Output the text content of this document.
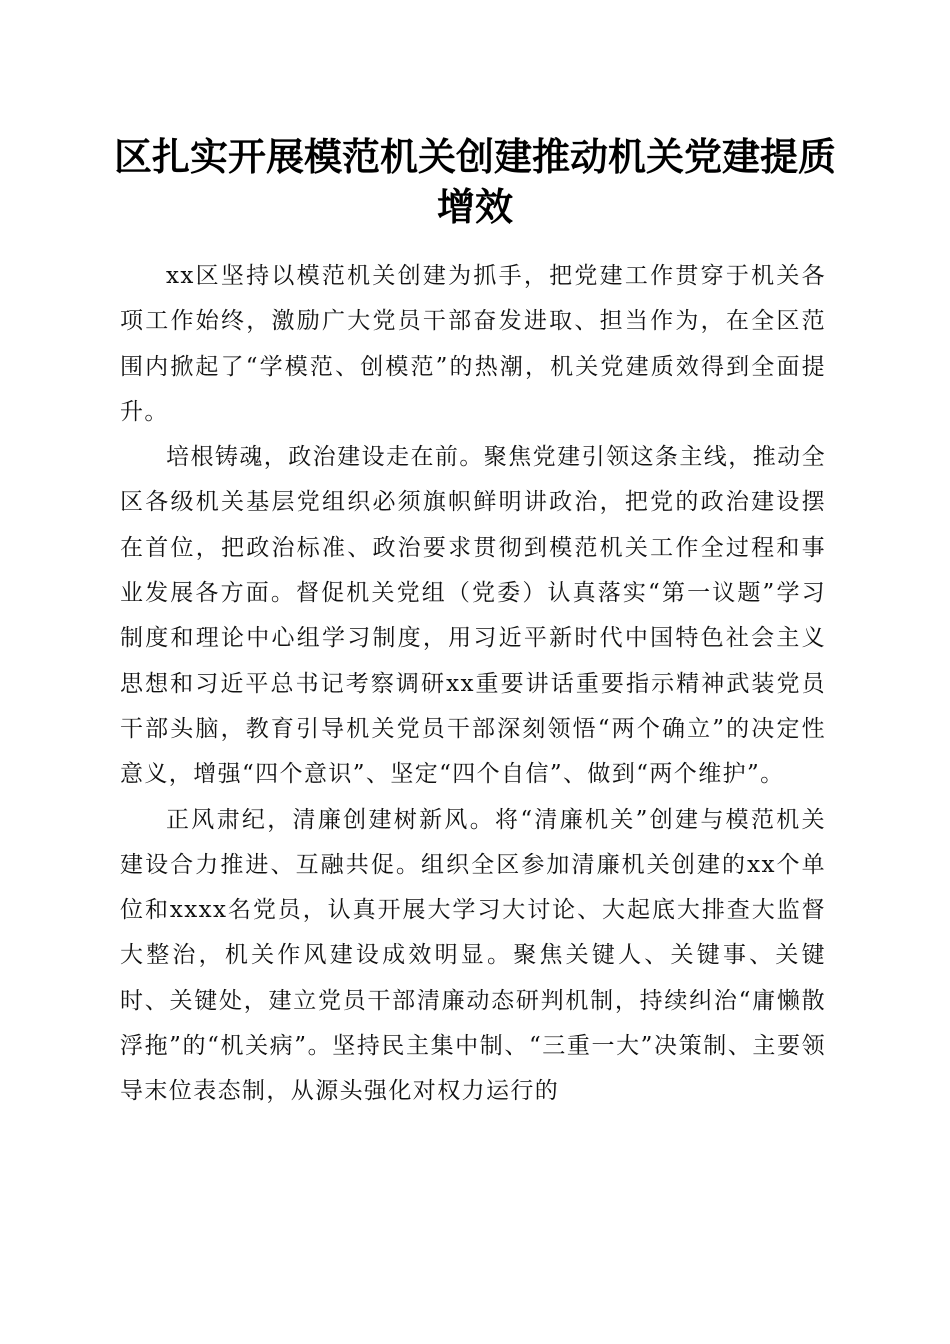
区扎实开展模范机关创建推动机关党建提质增效

xx区坚持以模范机关创建为抓手，把党建工作贯穿于机关各项工作始终，激励广大党员干部奋发进取、担当作为，在全区范围内掀起了“学模范、创模范”的热潮，机关党建质效得到全面提升。

培根铸魂，政治建设走在前。聚焦党建引领这条主线，推动全区各级机关基层党组织必须旗帜鲜明讲政治，把党的政治建设摆在首位，把政治标准、政治要求贯彻到模范机关工作全过程和事业发展各方面。督促机关党组（党委）认真落实“第一议题”学习制度和理论中心组学习制度，用习近平新时代中国特色社会主义思想和习近平总书记考察调研xx重要讲话重要指示精神武装党员干部头脑，教育引导机关党员干部深刻领悟“两个确立”的决定性意义，增强“四个意识”、坚定“四个自信”、做到“两个维护”。

正风肃纪，清廉创建树新风。将“清廉机关”创建与模范机关建设合力推进、互融共促。组织全区参加清廉机关创建的xx个单位和xxxx名党员，认真开展大学习大讨论、大起底大排查大监督大整治，机关作风建设成效明显。聚焦关键人、关键事、关键时、关键处，建立党员干部清廉动态研判机制，持续纠治“庸懒散浮拖”的“机关病”。坚持民主集中制、“三重一大”决策制、主要领导末位表态制，从源头强化对权力运行的
